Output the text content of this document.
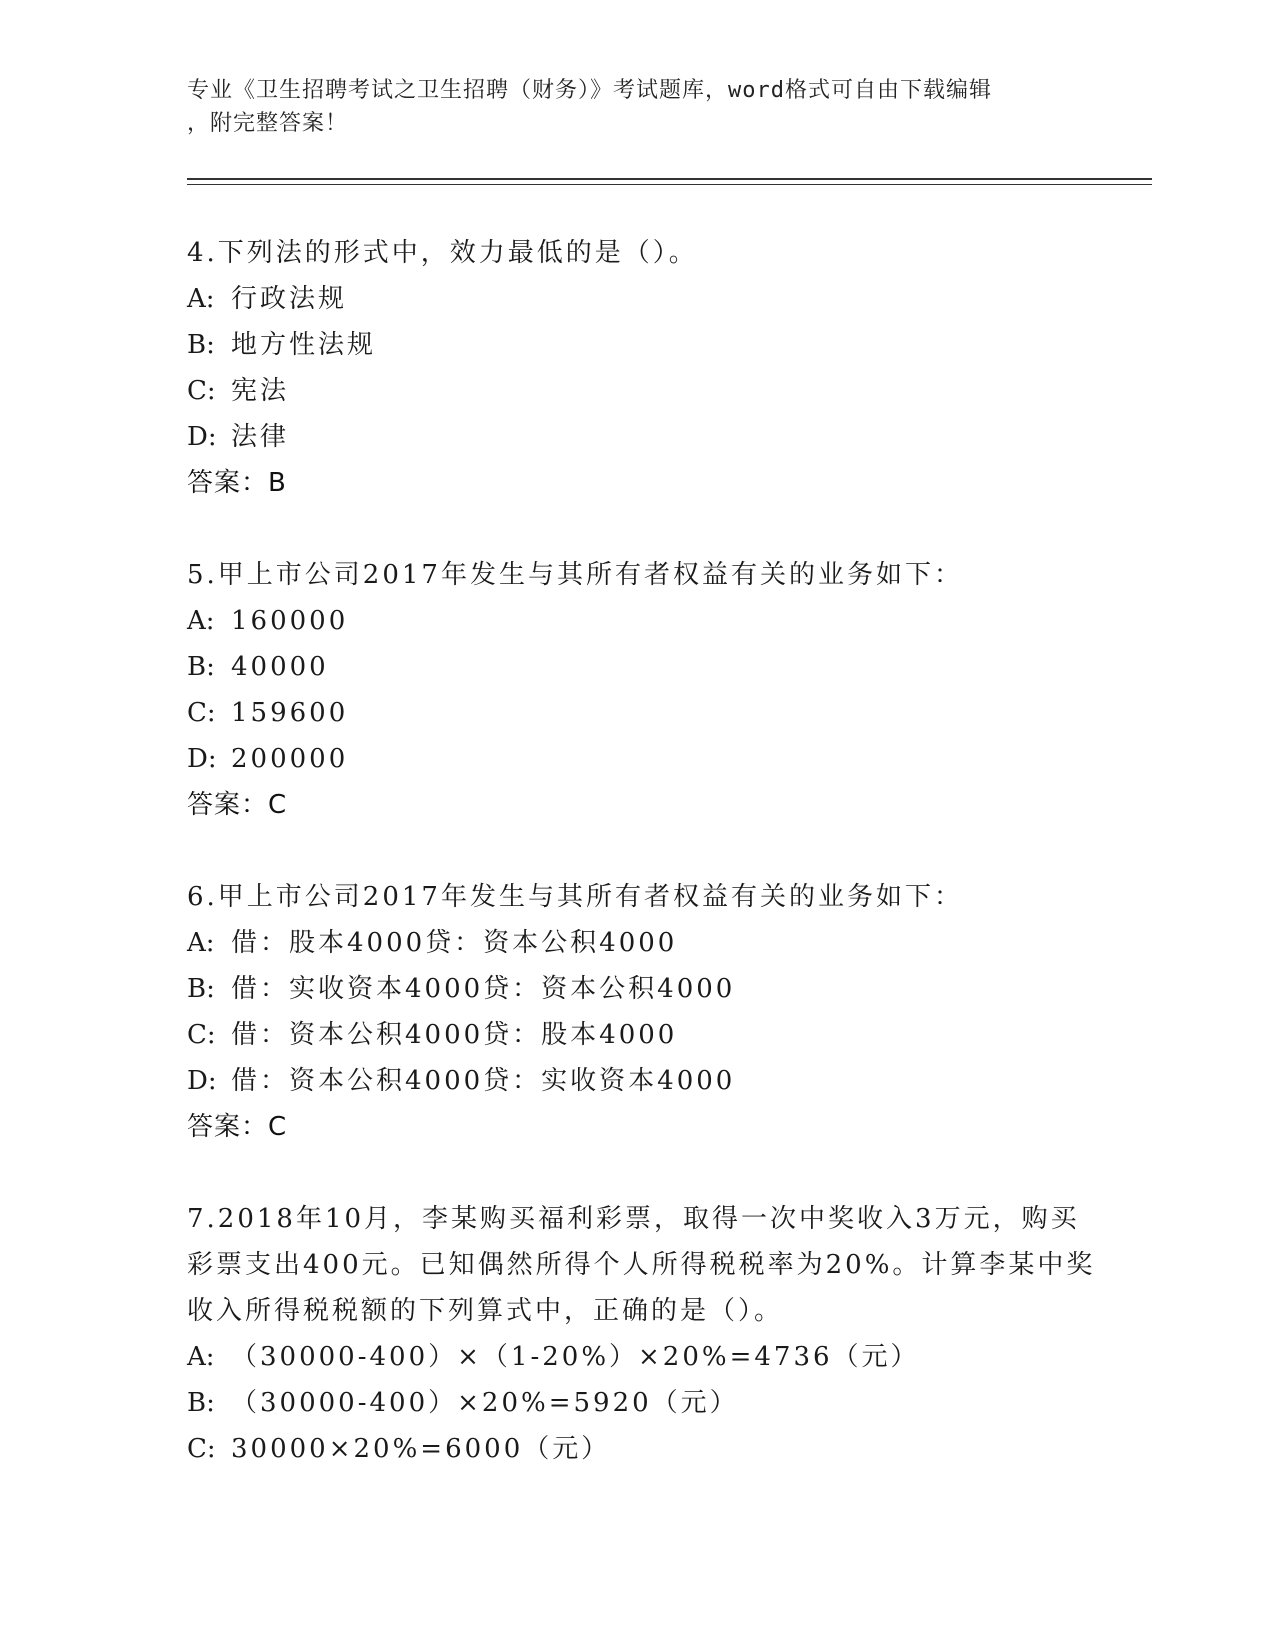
专业《卫生招聘考试之卫生招聘（财务）》考试题库，word格式可自由下载编辑
，附完整答案！
4.下列法的形式中，效力最低的是（）。
A: 行政法规
B: 地方性法规
C: 宪法
D: 法律
答案：B
5.甲上市公司2017年发生与其所有者权益有关的业务如下：
A: 160000
B: 40000
C: 159600
D: 200000
答案：C
6.甲上市公司2017年发生与其所有者权益有关的业务如下：
A: 借：股本4000贷：资本公积4000
B: 借：实收资本4000贷：资本公积4000
C: 借：资本公积4000贷：股本4000
D: 借：资本公积4000贷：实收资本4000
答案：C
7.2018年10月，李某购买福利彩票，取得一次中奖收入3万元，购买
彩票支出400元。已知偶然所得个人所得税税率为20%。计算李某中奖
收入所得税税额的下列算式中，正确的是（）。
A: （30000-400）×（1-20%）×20%=4736（元）
B: （30000-400）×20%=5920（元）
C: 30000×20%=6000（元）
